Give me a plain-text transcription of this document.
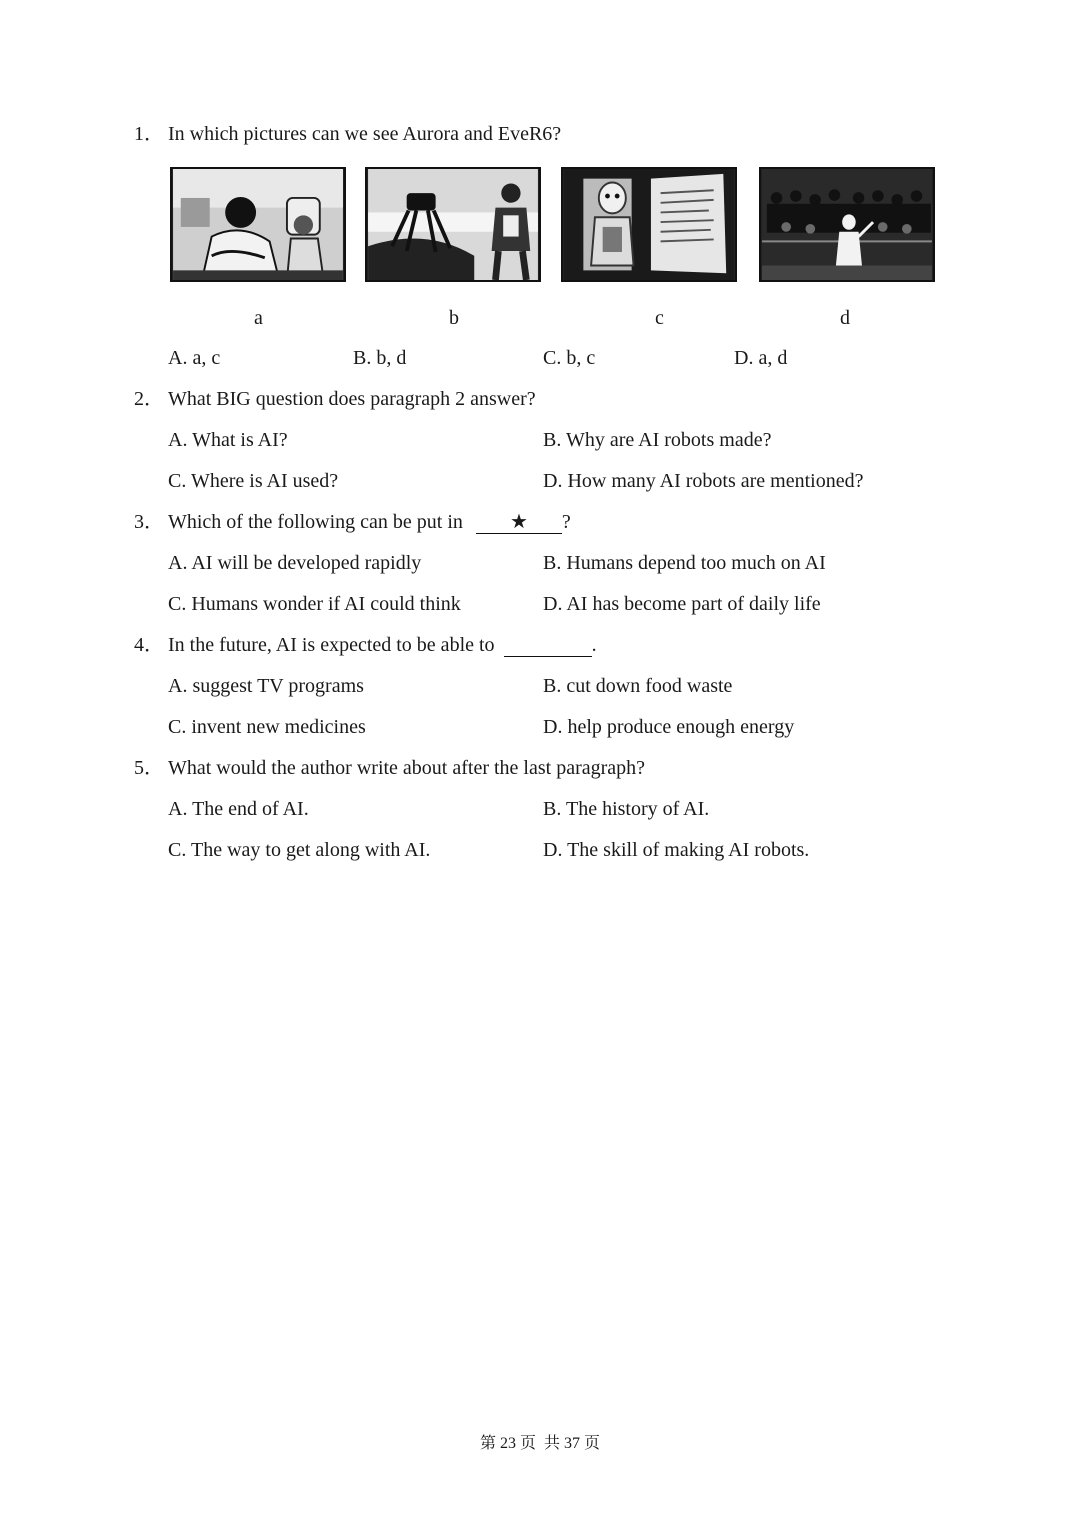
1． In which pictures can we see Aurora and EveR6?
a	b	c	d
A. a, c	B. b, d	C. b, c	D. a, d
2． What BIG question does paragraph 2 answer?
A. What is AI?	B. Why are AI robots made?
C. Where is AI used?	D. How many AI robots are mentioned?
3． Which of the following can be put in ★ ?
A. AI will be developed rapidly	B. Humans depend too much on AI
C. Humans wonder if AI could think	D. AI has become part of daily life
4． In the future, AI is expected to be able to	.
A. suggest TV programs	B. cut down food waste
C. invent new medicines	D. help produce enough energy
5． What would the author write about after the last paragraph?
A. The end of AI.	B. The history of AI.
C. The way to get along with AI.	D. The skill of making AI robots.
第 23 页  共 37 页
